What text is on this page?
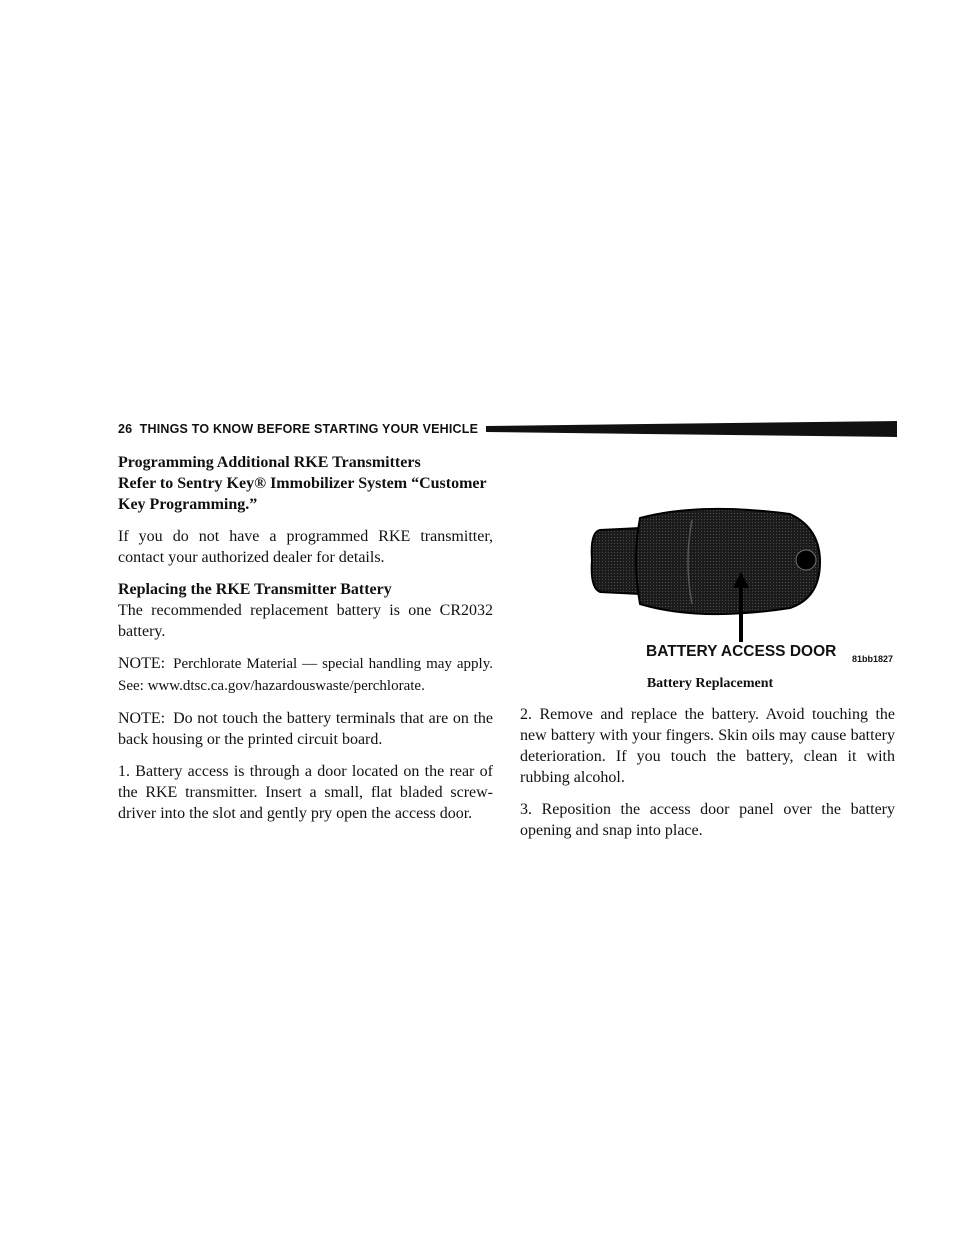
26 THINGS TO KNOW BEFORE STARTING YOUR VEHICLE

Programming Additional RKE Transmitters

Refer to Sentry Key® Immobilizer System “Customer Key Programming.”

If you do not have a programmed RKE transmitter, contact your authorized dealer for details.

Replacing the RKE Transmitter Battery

The recommended replacement battery is one CR2032 battery.

NOTE: Perchlorate Material — special handling may apply. See: www.dtsc.ca.gov/hazardouswaste/perchlorate.

NOTE: Do not touch the battery terminals that are on the back housing or the printed circuit board.

1. Battery access is through a door located on the rear of the RKE transmitter. Insert a small, flat bladed screw- driver into the slot and gently pry open the access door.

BATTERY ACCESS DOOR 81bb1827
Battery Replacement

2. Remove and replace the battery. Avoid touching the new battery with your fingers. Skin oils may cause battery deterioration. If you touch the battery, clean it with rubbing alcohol.

3. Reposition the access door panel over the battery opening and snap into place.
